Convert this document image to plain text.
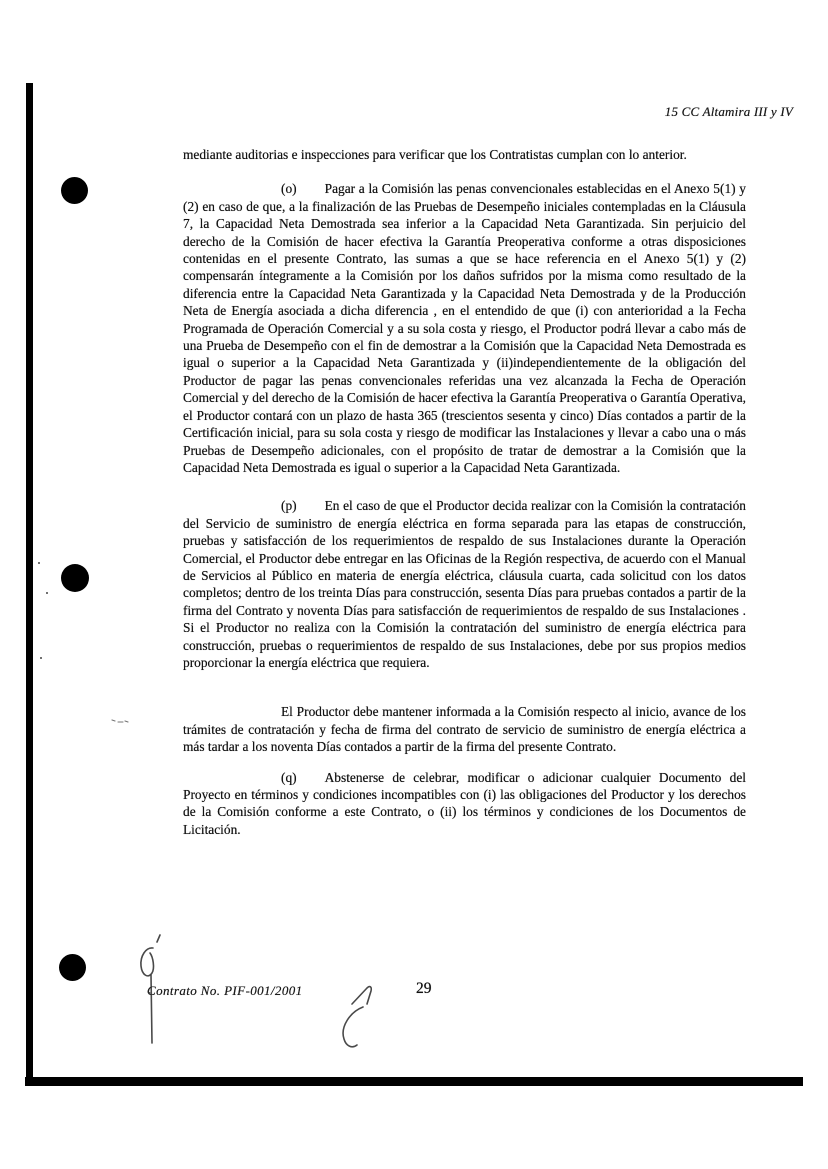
15 CC Altamira III y IV

mediante auditorias e inspecciones para verificar que los Contratistas cumplan con lo anterior.

(o) Pagar a la Comisión las penas convencionales establecidas en el Anexo 5(1) y (2) en caso de que, a la finalización de las Pruebas de Desempeño iniciales contempladas en la Cláusula 7, la Capacidad Neta Demostrada sea inferior a la Capacidad Neta Garantizada. Sin perjuicio del derecho de la Comisión de hacer efectiva la Garantía Preoperativa conforme a otras disposiciones contenidas en el presente Contrato, las sumas a que se hace referencia en el Anexo 5(1) y (2) compensarán íntegramente a la Comisión por los daños sufridos por la misma como resultado de la diferencia entre la Capacidad Neta Garantizada y la Capacidad Neta Demostrada y de la Producción Neta de Energía asociada a dicha diferencia , en el entendido de que (i) con anterioridad a la Fecha Programada de Operación Comercial y a su sola costa y riesgo, el Productor podrá llevar a cabo más de una Prueba de Desempeño con el fin de demostrar a la Comisión que la Capacidad Neta Demostrada es igual o superior a la Capacidad Neta Garantizada y (ii)independientemente de la obligación del Productor de pagar las penas convencionales referidas una vez alcanzada la Fecha de Operación Comercial y del derecho de la Comisión de hacer efectiva la Garantía Preoperativa o Garantía Operativa, el Productor contará con un plazo de hasta 365 (trescientos sesenta y cinco) Días contados a partir de la Certificación inicial, para su sola costa y riesgo de modificar las Instalaciones y llevar a cabo una o más Pruebas de Desempeño adicionales, con el propósito de tratar de demostrar a la Comisión que la Capacidad Neta Demostrada es igual o superior a la Capacidad Neta Garantizada.

(p) En el caso de que el Productor decida realizar con la Comisión la contratación del Servicio de suministro de energía eléctrica en forma separada para las etapas de construcción, pruebas y satisfacción de los requerimientos de respaldo de sus Instalaciones durante la Operación Comercial, el Productor debe entregar en las Oficinas de la Región respectiva, de acuerdo con el Manual de Servicios al Público en materia de energía eléctrica, cláusula cuarta, cada solicitud con los datos completos; dentro de los treinta Días para construcción, sesenta Días para pruebas contados a partir de la firma del Contrato y noventa Días para satisfacción de requerimientos de respaldo de sus Instalaciones . Si el Productor no realiza con la Comisión la contratación del suministro de energía eléctrica para construcción, pruebas o requerimientos de respaldo de sus Instalaciones, debe por sus propios medios proporcionar la energía eléctrica que requiera.

El Productor debe mantener informada a la Comisión respecto al inicio, avance de los trámites de contratación y fecha de firma del contrato de servicio de suministro de energía eléctrica a más tardar a los noventa Días contados a partir de la firma del presente Contrato.

(q) Abstenerse de celebrar, modificar o adicionar cualquier Documento del Proyecto en términos y condiciones incompatibles con (i) las obligaciones del Productor y los derechos de la Comisión conforme a este Contrato, o (ii) los términos y condiciones de los Documentos de Licitación.

Contrato No. PIF-001/2001	29
